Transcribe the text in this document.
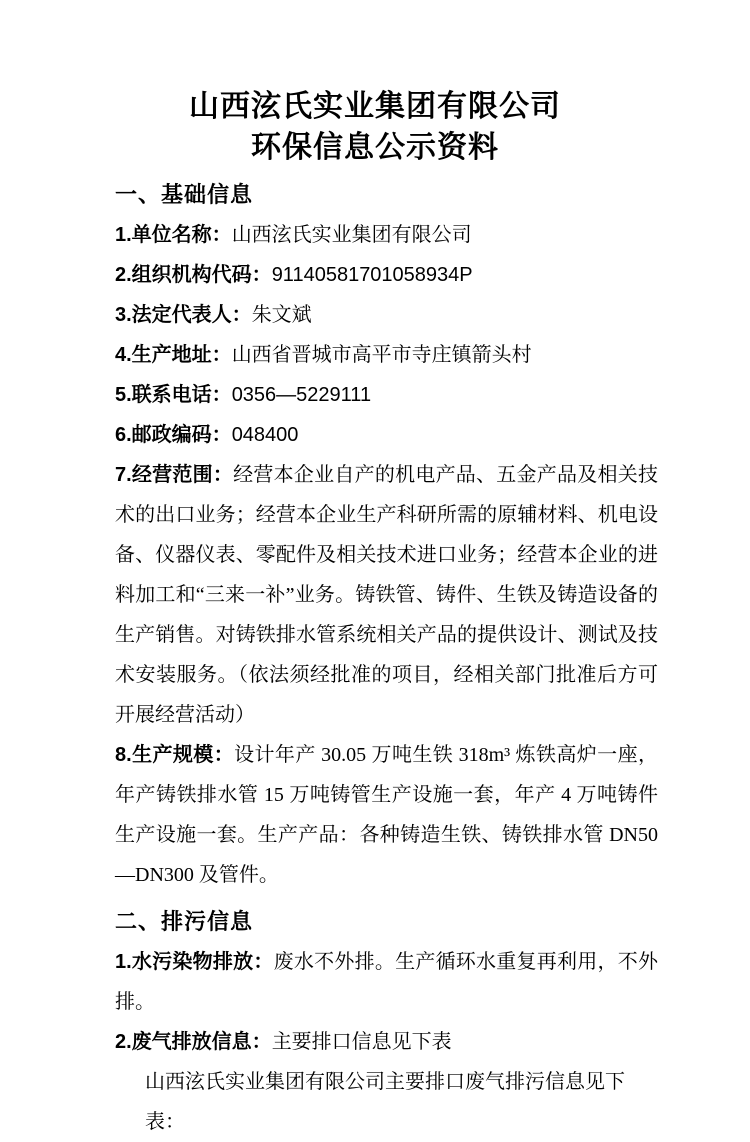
山西泫氏实业集团有限公司
环保信息公示资料
一、基础信息

1.单位名称：山西泫氏实业集团有限公司

2.组织机构代码：91140581701058934P

3.法定代表人：朱文斌

4.生产地址：山西省晋城市高平市寺庄镇箭头村

5.联系电话：0356—5229111

6.邮政编码：048400

7.经营范围：经营本企业自产的机电产品、五金产品及相关技术的出口业务；经营本企业生产科研所需的原辅材料、机电设备、仪器仪表、零配件及相关技术进口业务；经营本企业的进料加工和“三来一补”业务。铸铁管、铸件、生铁及铸造设备的生产销售。对铸铁排水管系统相关产品的提供设计、测试及技术安装服务。（依法须经批准的项目，经相关部门批准后方可开展经营活动）

8.生产规模：设计年产 30.05 万吨生铁 318m³ 炼铁高炉一座，年产铸铁排水管 15 万吨铸管生产设施一套，年产 4 万吨铸件生产设施一套。生产产品：各种铸造生铁、铸铁排水管 DN50—DN300 及管件。

二、排污信息

1.水污染物排放：废水不外排。生产循环水重复再利用，不外排。

2.废气排放信息：主要排口信息见下表

山西泫氏实业集团有限公司主要排口废气排污信息见下表：
